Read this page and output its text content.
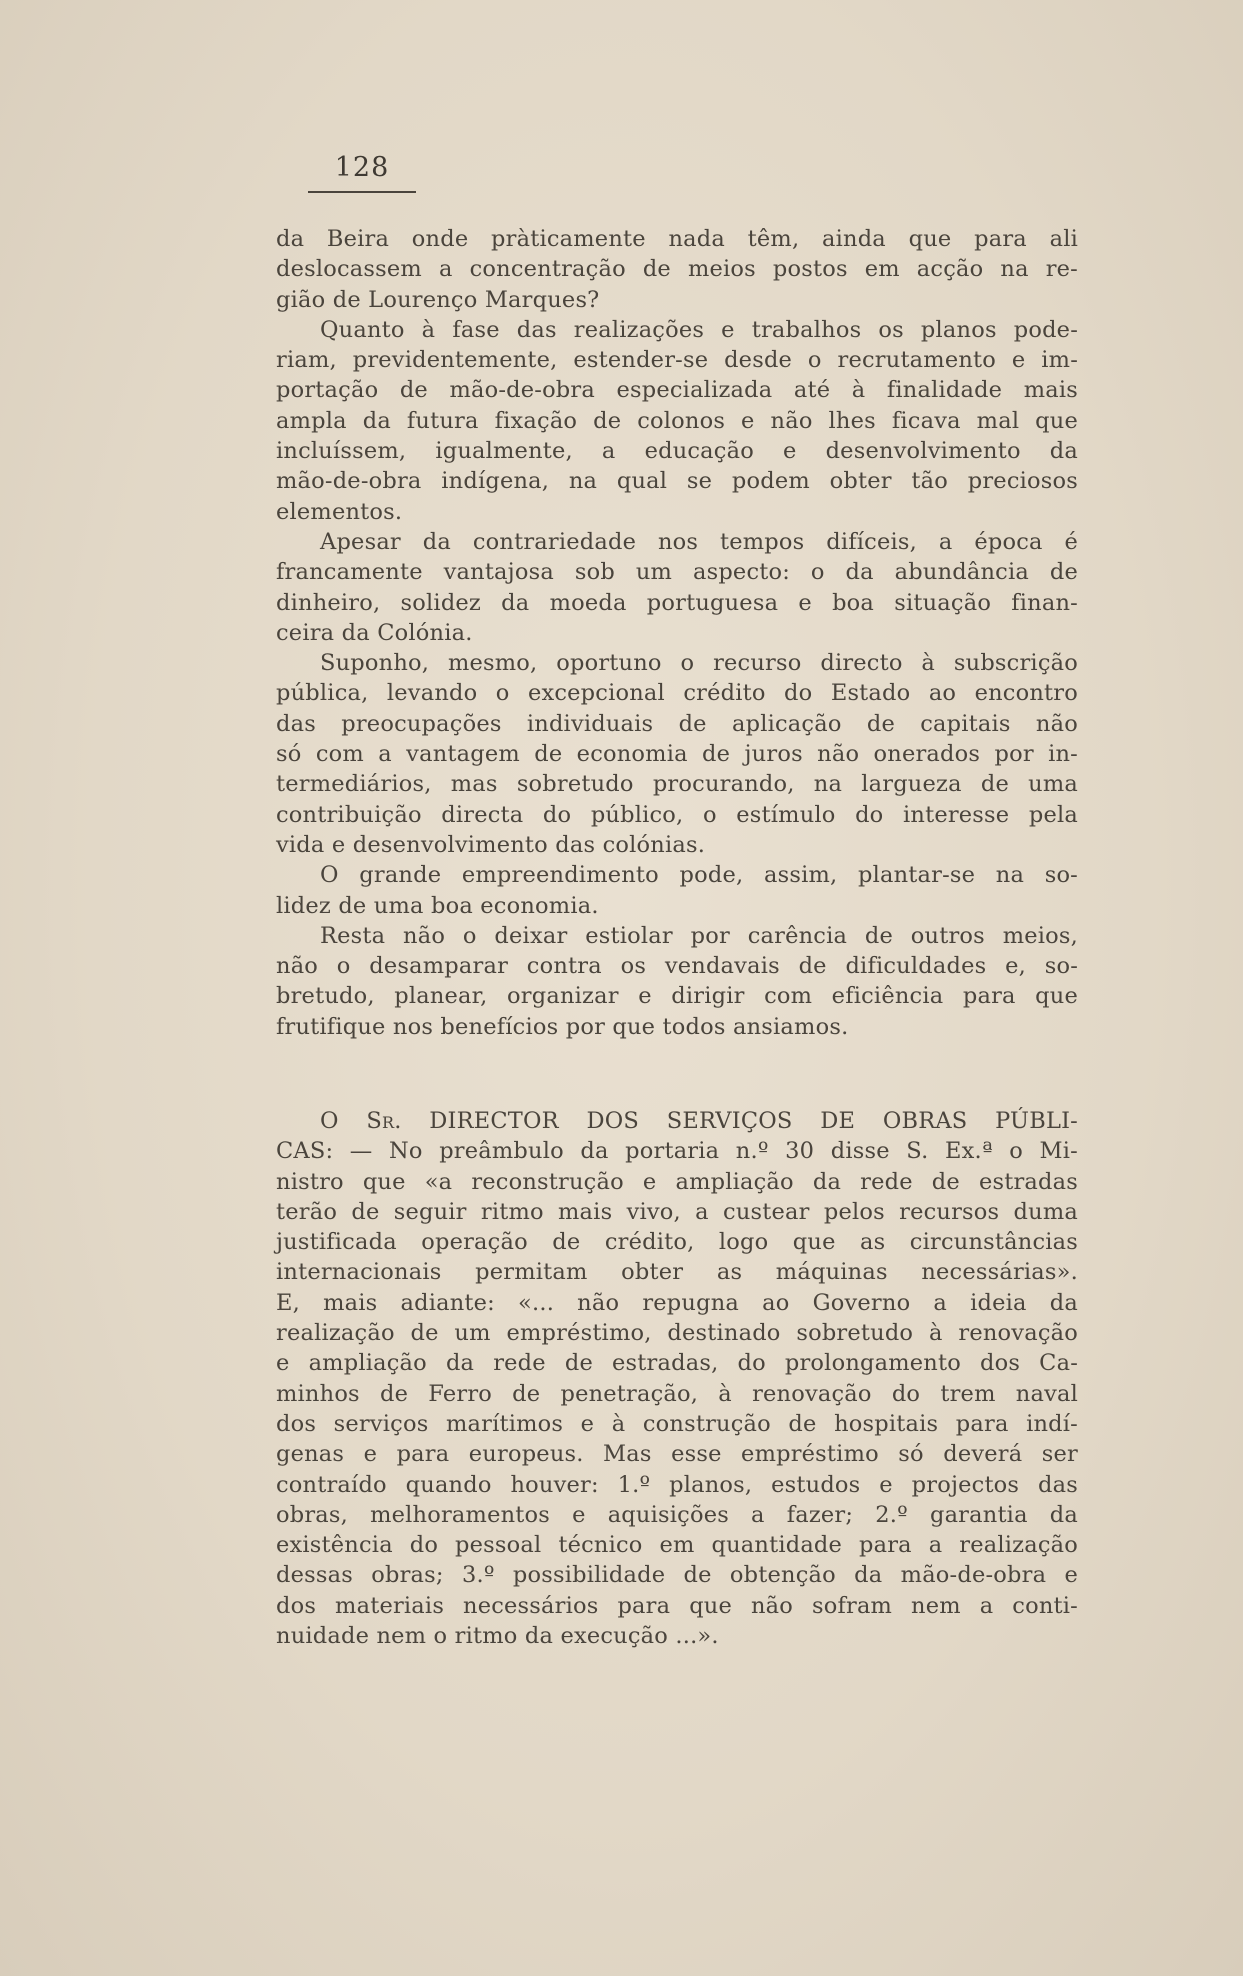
128

da Beira onde pràticamente nada têm, ainda que para ali

deslocassem a concentração de meios postos em acção na re-

gião de Lourenço Marques?

Quanto à fase das realizações e trabalhos os planos pode-

riam, previdentemente, estender-se desde o recrutamento e im-

portação de mão-de-obra especializada até à finalidade mais

ampla da futura fixação de colonos e não lhes ficava mal que

incluíssem, igualmente, a educação e desenvolvimento da

mão-de-obra indígena, na qual se podem obter tão preciosos

elementos.

Apesar da contrariedade nos tempos difíceis, a época é

francamente vantajosa sob um aspecto: o da abundância de

dinheiro, solidez da moeda portuguesa e boa situação finan-

ceira da Colónia.

Suponho, mesmo, oportuno o recurso directo à subscrição

pública, levando o excepcional crédito do Estado ao encontro

das preocupações individuais de aplicação de capitais não

só com a vantagem de economia de juros não onerados por in-

termediários, mas sobretudo procurando, na largueza de uma

contribuição directa do público, o estímulo do interesse pela

vida e desenvolvimento das colónias.

O grande empreendimento pode, assim, plantar-se na so-

lidez de uma boa economia.

Resta não o deixar estiolar por carência de outros meios,

não o desamparar contra os vendavais de dificuldades e, so-

bretudo, planear, organizar e dirigir com eficiência para que

frutifique nos benefícios por que todos ansiamos.

O Sr. DIRECTOR DOS SERVIÇOS DE OBRAS PÚBLI-

CAS: — No preâmbulo da portaria n.º 30 disse S. Ex.ª o Mi-

nistro que «a reconstrução e ampliação da rede de estradas

terão de seguir ritmo mais vivo, a custear pelos recursos duma

justificada operação de crédito, logo que as circunstâncias

internacionais permitam obter as máquinas necessárias».

E, mais adiante: «... não repugna ao Governo a ideia da

realização de um empréstimo, destinado sobretudo à renovação

e ampliação da rede de estradas, do prolongamento dos Ca-

minhos de Ferro de penetração, à renovação do trem naval

dos serviços marítimos e à construção de hospitais para indí-

genas e para europeus. Mas esse empréstimo só deverá ser

contraído quando houver: 1.º planos, estudos e projectos das

obras, melhoramentos e aquisições a fazer; 2.º garantia da

existência do pessoal técnico em quantidade para a realização

dessas obras; 3.º possibilidade de obtenção da mão-de-obra e

dos materiais necessários para que não sofram nem a conti-

nuidade nem o ritmo da execução ...».
